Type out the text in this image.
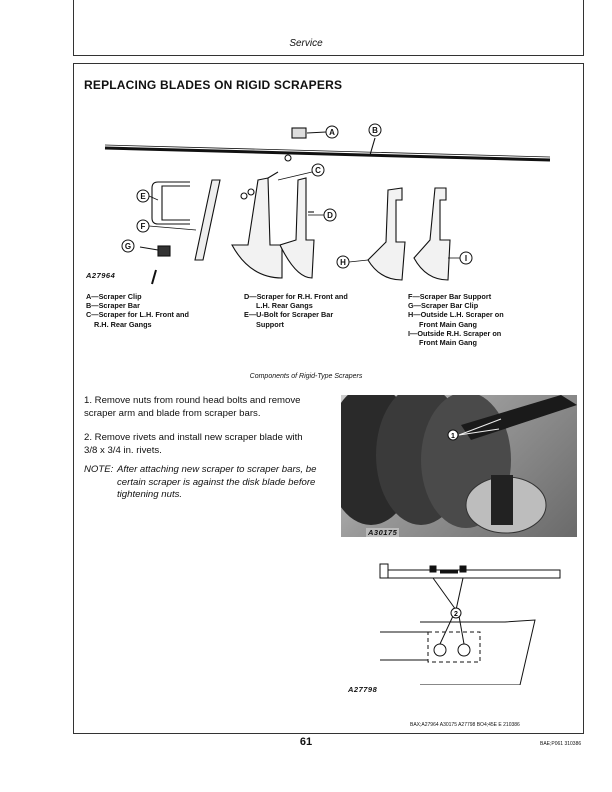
Service
REPLACING BLADES ON RIGID SCRAPERS
A	B
C
D
E
F
G
H	I
A27964
A—Scraper Clip
B—Scraper Bar
C—Scraper for L.H. Front and
R.H. Rear Gangs
D—Scraper for R.H. Front and
L.H. Rear Gangs
E—U-Bolt for Scraper Bar
Support
F—Scraper Bar Support
G—Scraper Bar Clip
H—Outside L.H. Scraper on
Front Main Gang
I—Outside R.H. Scraper on
Front Main Gang
Components of Rigid-Type Scrapers
1. Remove nuts from round head bolts and remove
scraper arm and blade from scraper bars.
2. Remove rivets and install new scraper blade with
3/8 x 3/4 in. rivets.
NOTE: After attaching new scraper to scraper bars, be
certain scraper is against the disk blade before
tightening nuts.
1
A30175
2
A27798
BAX;A27964 A30175 A27798 BO4;45E E 210386
61	BAE;P061 310386
